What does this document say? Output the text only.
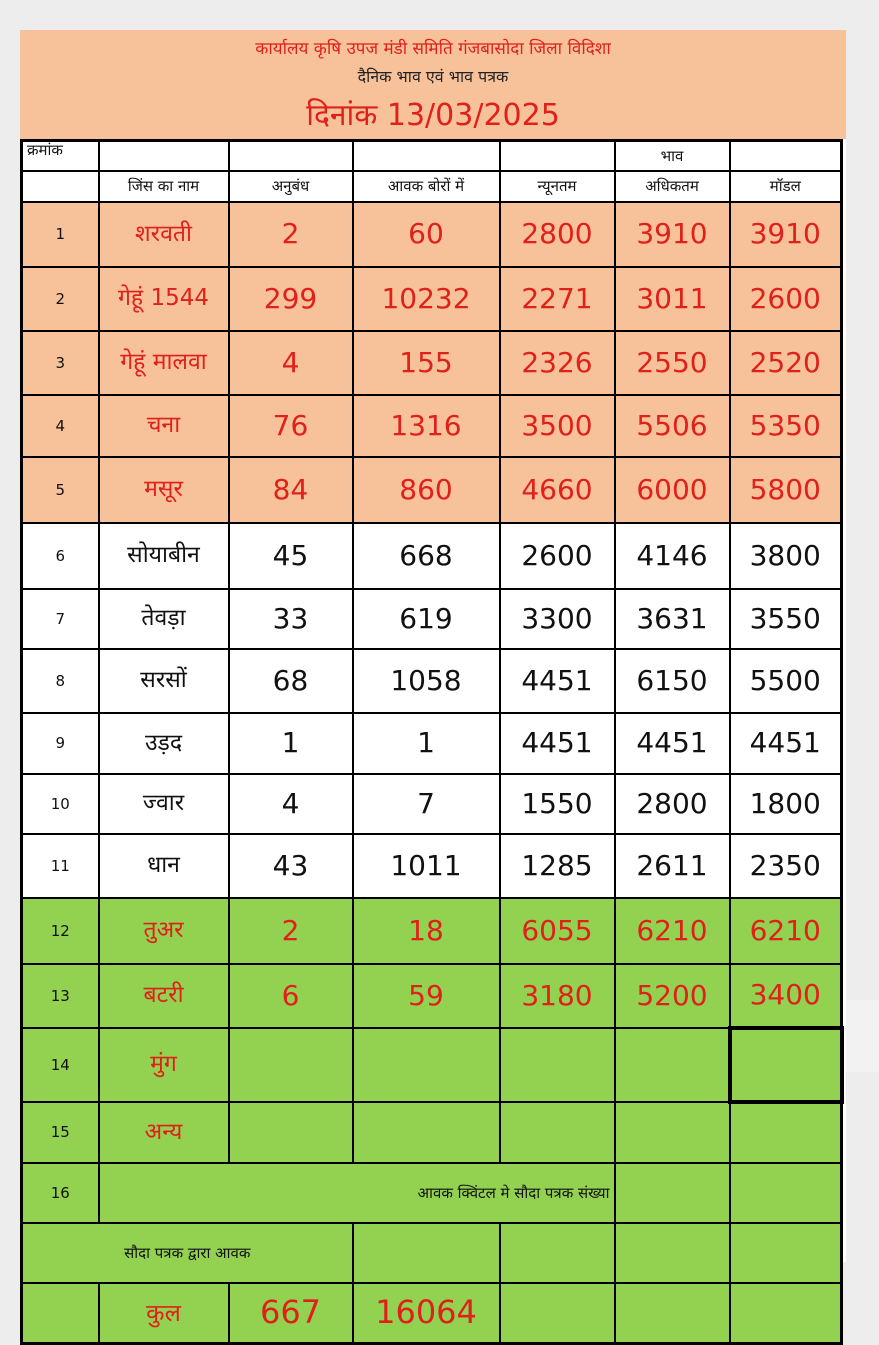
कार्यालय कृषि उपज मंडी समिति गंजबासोदा जिला विदिशा
दैनिक भाव एवं भाव पत्रक
दिनांक 13/03/2025
क्रमांक					भाव	
	जिंस का नाम	अनुबंध	आवक बोरों में	न्यूनतम	अधिकतम	मॉडल
1	शरवती	2	60	2800	3910	3910
2	गेहूं 1544	299	10232	2271	3011	2600
3	गेहूं मालवा	4	155	2326	2550	2520
4	चना	76	1316	3500	5506	5350
5	मसूर	84	860	4660	6000	5800
6	सोयाबीन	45	668	2600	4146	3800
7	तेवड़ा	33	619	3300	3631	3550
8	सरसों	68	1058	4451	6150	5500
9	उड़द	1	1	4451	4451	4451
10	ज्वार	4	7	1550	2800	1800
11	धान	43	1011	1285	2611	2350
12	तुअर	2	18	6055	6210	6210
13	बटरी	6	59	3180	5200	3400
14	मुंग					
15	अन्य					
16	आवक क्विंटल मे सौदा पत्रक संख्या					
सौदा पत्रक द्वारा आवक						
	कुल	667	16064			
